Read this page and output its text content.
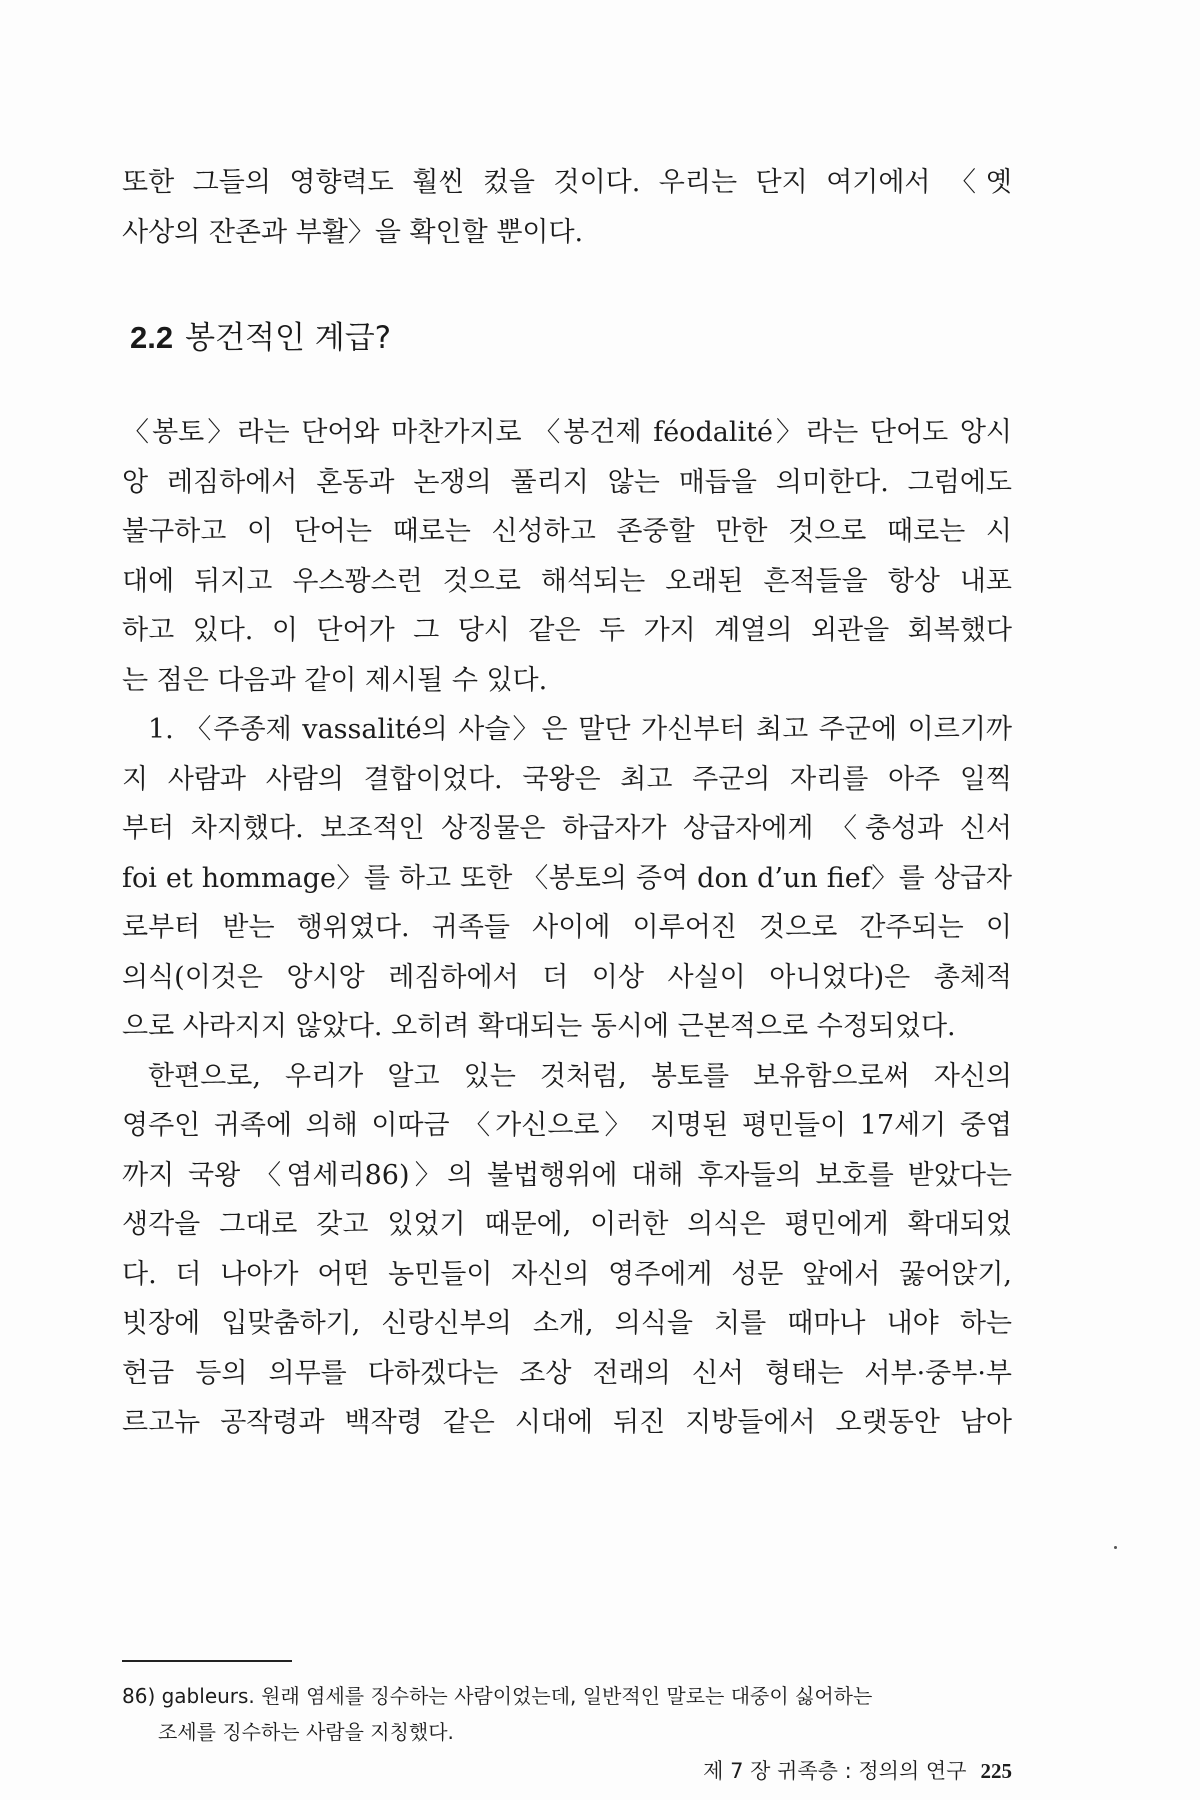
또한 그들의 영향력도 훨씬 컸을 것이다. 우리는 단지 여기에서 〈옛
사상의 잔존과 부활〉을 확인할 뿐이다.
2.2 봉건적인 계급?
〈봉토〉라는 단어와 마찬가지로 〈봉건제 féodalité〉라는 단어도 앙시
앙 레짐하에서 혼동과 논쟁의 풀리지 않는 매듭을 의미한다. 그럼에도
불구하고 이 단어는 때로는 신성하고 존중할 만한 것으로 때로는 시
대에 뒤지고 우스꽝스런 것으로 해석되는 오래된 흔적들을 항상 내포
하고 있다. 이 단어가 그 당시 같은 두 가지 계열의 외관을 회복했다
는 점은 다음과 같이 제시될 수 있다.
1. 〈주종제 vassalité의 사슬〉은 말단 가신부터 최고 주군에 이르기까
지 사람과 사람의 결합이었다. 국왕은 최고 주군의 자리를 아주 일찍
부터 차지했다. 보조적인 상징물은 하급자가 상급자에게 〈충성과 신서
foi et hommage〉를 하고 또한 〈봉토의 증여 don d’un fief〉를 상급자
로부터 받는 행위였다. 귀족들 사이에 이루어진 것으로 간주되는 이
의식(이것은 앙시앙 레짐하에서 더 이상 사실이 아니었다)은 총체적
으로 사라지지 않았다. 오히려 확대되는 동시에 근본적으로 수정되었다.
한편으로, 우리가 알고 있는 것처럼, 봉토를 보유함으로써 자신의
영주인 귀족에 의해 이따금 〈가신으로〉 지명된 평민들이 17세기 중엽
까지 국왕 〈염세리86)〉의 불법행위에 대해 후자들의 보호를 받았다는
생각을 그대로 갖고 있었기 때문에, 이러한 의식은 평민에게 확대되었
다. 더 나아가 어떤 농민들이 자신의 영주에게 성문 앞에서 꿇어앉기,
빗장에 입맞춤하기, 신랑신부의 소개, 의식을 치를 때마나 내야 하는
헌금 등의 의무를 다하겠다는 조상 전래의 신서 형태는 서부·중부·부
르고뉴 공작령과 백작령 같은 시대에 뒤진 지방들에서 오랫동안 남아
86) gableurs. 원래 염세를 징수하는 사람이었는데, 일반적인 말로는 대중이 싫어하는
조세를 징수하는 사람을 지칭했다.
제 7 장 귀족층 : 정의의 연구 225
